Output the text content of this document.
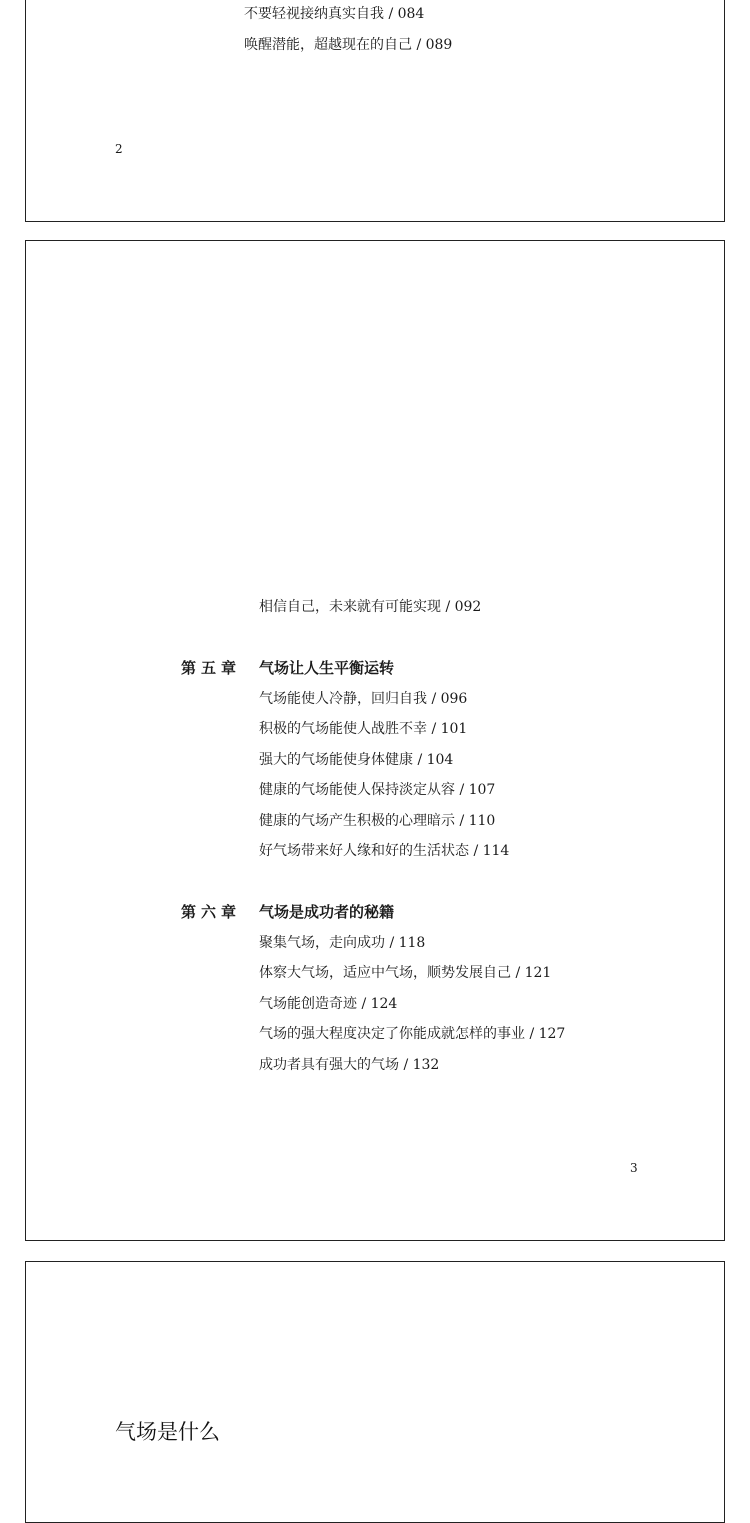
不要轻视接纳真实自我 / 084
唤醒潜能，超越现在的自己 / 089
2
相信自己，未来就有可能实现 / 092
第五章 气场让人生平衡运转
气场能使人冷静，回归自我 / 096
积极的气场能使人战胜不幸 / 101
强大的气场能使身体健康 / 104
健康的气场能使人保持淡定从容 / 107
健康的气场产生积极的心理暗示 / 110
好气场带来好人缘和好的生活状态 / 114
第六章 气场是成功者的秘籍
聚集气场，走向成功 / 118
体察大气场，适应中气场，顺势发展自己 / 121
气场能创造奇迹 / 124
气场的强大程度决定了你能成就怎样的事业 / 127
成功者具有强大的气场 / 132
3
气场是什么
